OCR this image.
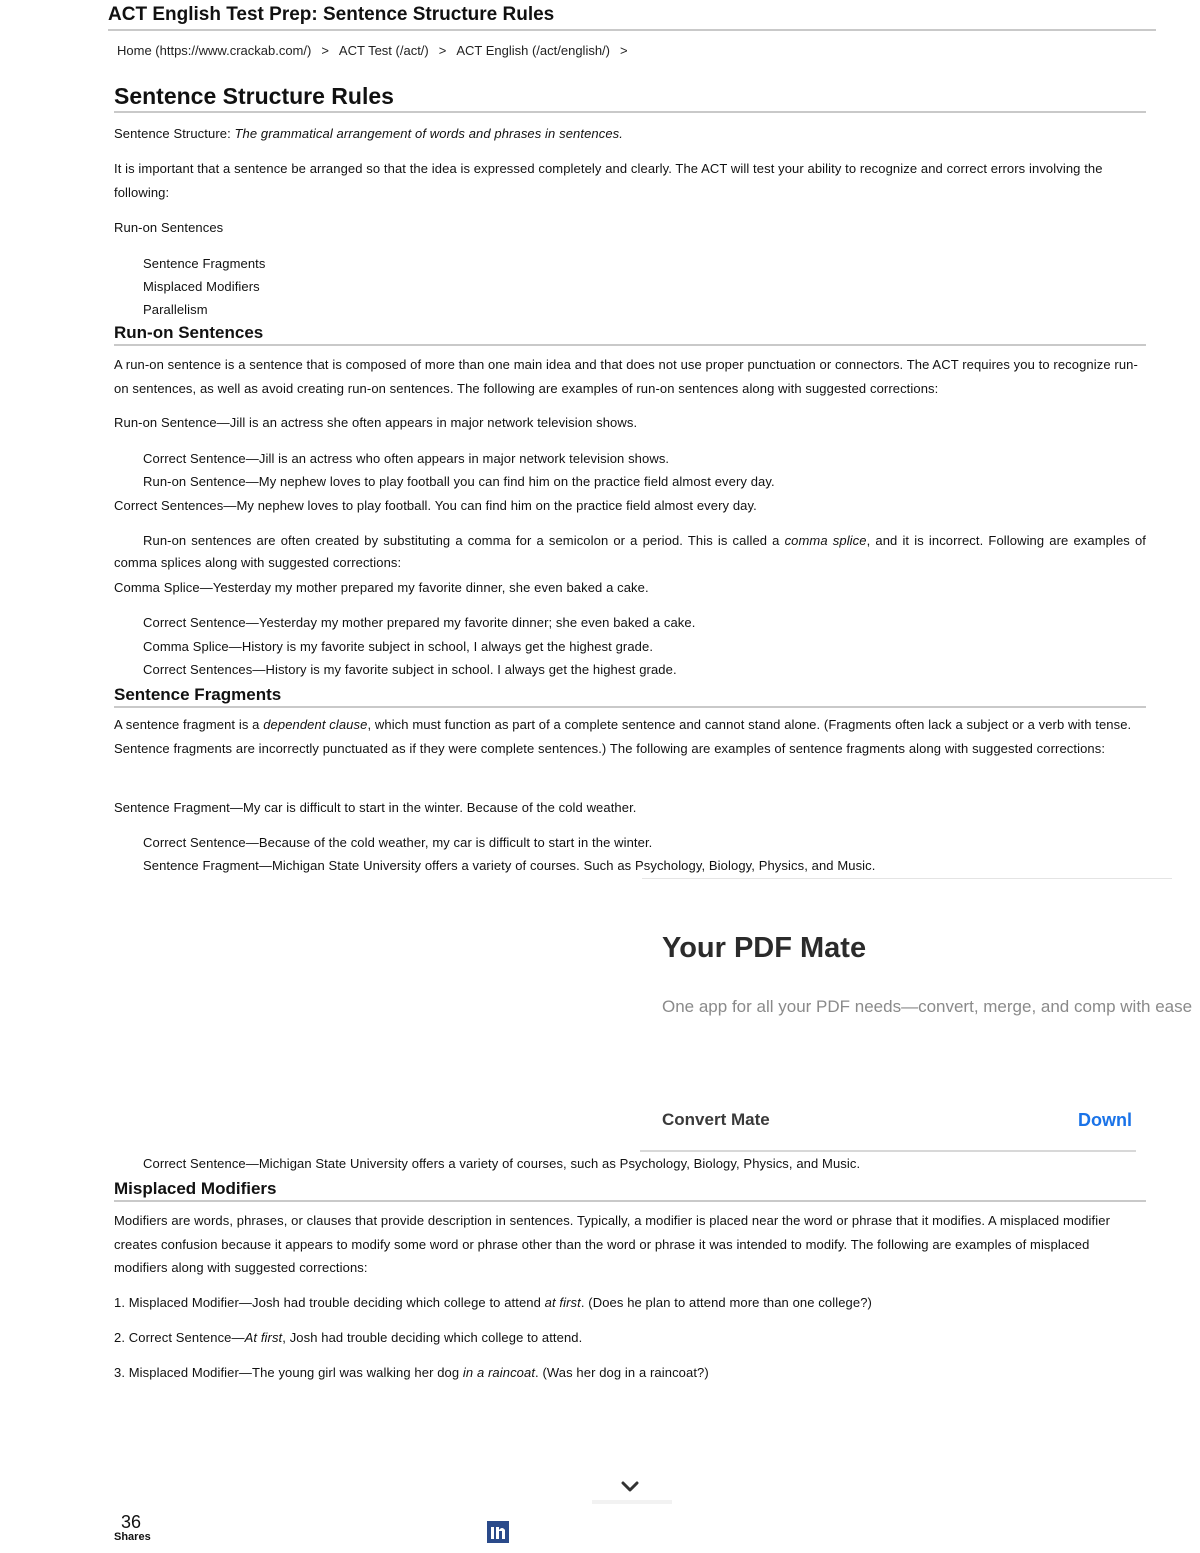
ACT English Test Prep: Sentence Structure Rules
Home (https://www.crackab.com/) > ACT Test (/act/) > ACT English (/act/english/) >
Sentence Structure Rules
Sentence Structure: The grammatical arrangement of words and phrases in sentences.
It is important that a sentence be arranged so that the idea is expressed completely and clearly. The ACT will test your ability to recognize and correct errors involving the following:
Run-on Sentences
Sentence Fragments
Misplaced Modifiers
Parallelism
Run-on Sentences
A run-on sentence is a sentence that is composed of more than one main idea and that does not use proper punctuation or connectors. The ACT requires you to recognize run-on sentences, as well as avoid creating run-on sentences. The following are examples of run-on sentences along with suggested corrections:
Run-on Sentence—Jill is an actress she often appears in major network television shows.
Correct Sentence—Jill is an actress who often appears in major network television shows.
Run-on Sentence—My nephew loves to play football you can find him on the practice field almost every day.
Correct Sentences—My nephew loves to play football. You can find him on the practice field almost every day.
Run-on sentences are often created by substituting a comma for a semicolon or a period. This is called a comma splice, and it is incorrect. Following are examples of comma splices along with suggested corrections:
Comma Splice—Yesterday my mother prepared my favorite dinner, she even baked a cake.
Correct Sentence—Yesterday my mother prepared my favorite dinner; she even baked a cake.
Comma Splice—History is my favorite subject in school, I always get the highest grade.
Correct Sentences—History is my favorite subject in school. I always get the highest grade.
Sentence Fragments
A sentence fragment is a dependent clause, which must function as part of a complete sentence and cannot stand alone. (Fragments often lack a subject or a verb with tense. Sentence fragments are incorrectly punctuated as if they were complete sentences.) The following are examples of sentence fragments along with suggested corrections:
Sentence Fragment—My car is difficult to start in the winter. Because of the cold weather.
Correct Sentence—Because of the cold weather, my car is difficult to start in the winter.
Sentence Fragment—Michigan State University offers a variety of courses. Such as Psychology, Biology, Physics, and Music.
Your PDF Mate
One app for all your PDF needs—convert, merge, and comp with ease
Convert Mate	Downl
Correct Sentence—Michigan State University offers a variety of courses, such as Psychology, Biology, Physics, and Music.
Misplaced Modifiers
Modifiers are words, phrases, or clauses that provide description in sentences. Typically, a modifier is placed near the word or phrase that it modifies. A misplaced modifier creates confusion because it appears to modify some word or phrase other than the word or phrase it was intended to modify. The following are examples of misplaced modifiers along with suggested corrections:
1. Misplaced Modifier—Josh had trouble deciding which college to attend at first. (Does he plan to attend more than one college?)
2. Correct Sentence—At first, Josh had trouble deciding which college to attend.
3. Misplaced Modifier—The young girl was walking her dog in a raincoat. (Was her dog in a raincoat?)
36
Shares
